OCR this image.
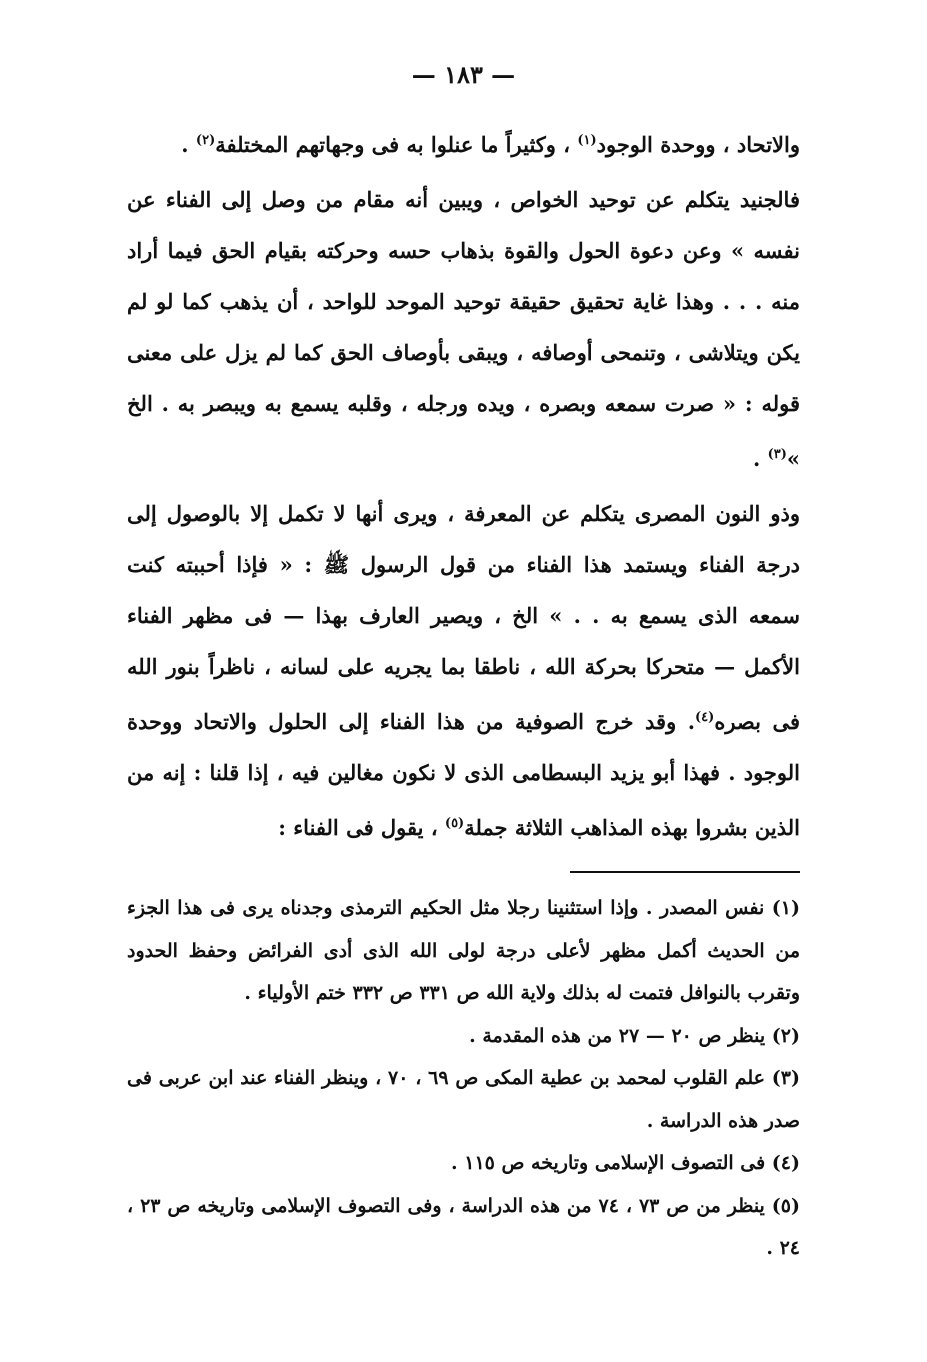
— ١٨٣ —

والاتحاد ، ووحدة الوجود$^{(١)}$ ، وكثيراً ما عنلوا به فى وجهاتهم المختلفة$^{(٢)}$ .

فالجنيد يتكلم عن توحيد الخواص ، ويبين أنه مقام من وصل إلى الفناء عن نفسه » وعن دعوة الحول والقوة بذهاب حسه وحركته بقيام الحق فيما أراد منه . . . وهذا غاية تحقيق حقيقة توحيد الموحد للواحد ، أن يذهب كما لو لم يكن ويتلاشى ، وتنمحى أوصافه ، ويبقى بأوصاف الحق كما لم يزل على معنى قوله : « صرت سمعه وبصره ، ويده ورجله ، وقلبه يسمع به ويبصر به . الخ »$^{(٣)}$ .

وذو النون المصرى يتكلم عن المعرفة ، ويرى أنها لا تكمل إلا بالوصول إلى درجة الفناء ويستمد هذا الفناء من قول الرسول ﷺ : « فإذا أحببته كنت سمعه الذى يسمع به . . » الخ ، ويصير العارف بهذا — فى مظهر الفناء الأكمل — متحركا بحركة الله ، ناطقا بما يجريه على لسانه ، ناظراً بنور الله فى بصره$^{(٤)}$. وقد خرج الصوفية من هذا الفناء إلى الحلول والاتحاد ووحدة الوجود . فهذا أبو يزيد البسطامى الذى لا نكون مغالين فيه ، إذا قلنا : إنه من الذين بشروا بهذه المذاهب الثلاثة جملة$^{(٥)}$ ، يقول فى الفناء :

(١) نفس المصدر . وإذا استثنينا رجلا مثل الحكيم الترمذى وجدناه يرى فى هذا الجزء من الحديث أكمل مظهر لأعلى درجة لولى الله الذى أدى الفرائض وحفظ الحدود وتقرب بالنوافل فتمت له بذلك ولاية الله ص ٣٣١ ص ٣٣٢ ختم الأولياء .

(٢) ينظر ص ٢٠ — ٢٧ من هذه المقدمة .

(٣) علم القلوب لمحمد بن عطية المكى ص ٦٩ ، ٧٠ ، وينظر الفناء عند ابن عربى فى صدر هذه الدراسة .

(٤) فى التصوف الإسلامى وتاريخه ص ١١٥ .

(٥) ينظر من ص ٧٣ ، ٧٤ من هذه الدراسة ، وفى التصوف الإسلامى وتاريخه ص ٢٣ ، ٢٤ .
